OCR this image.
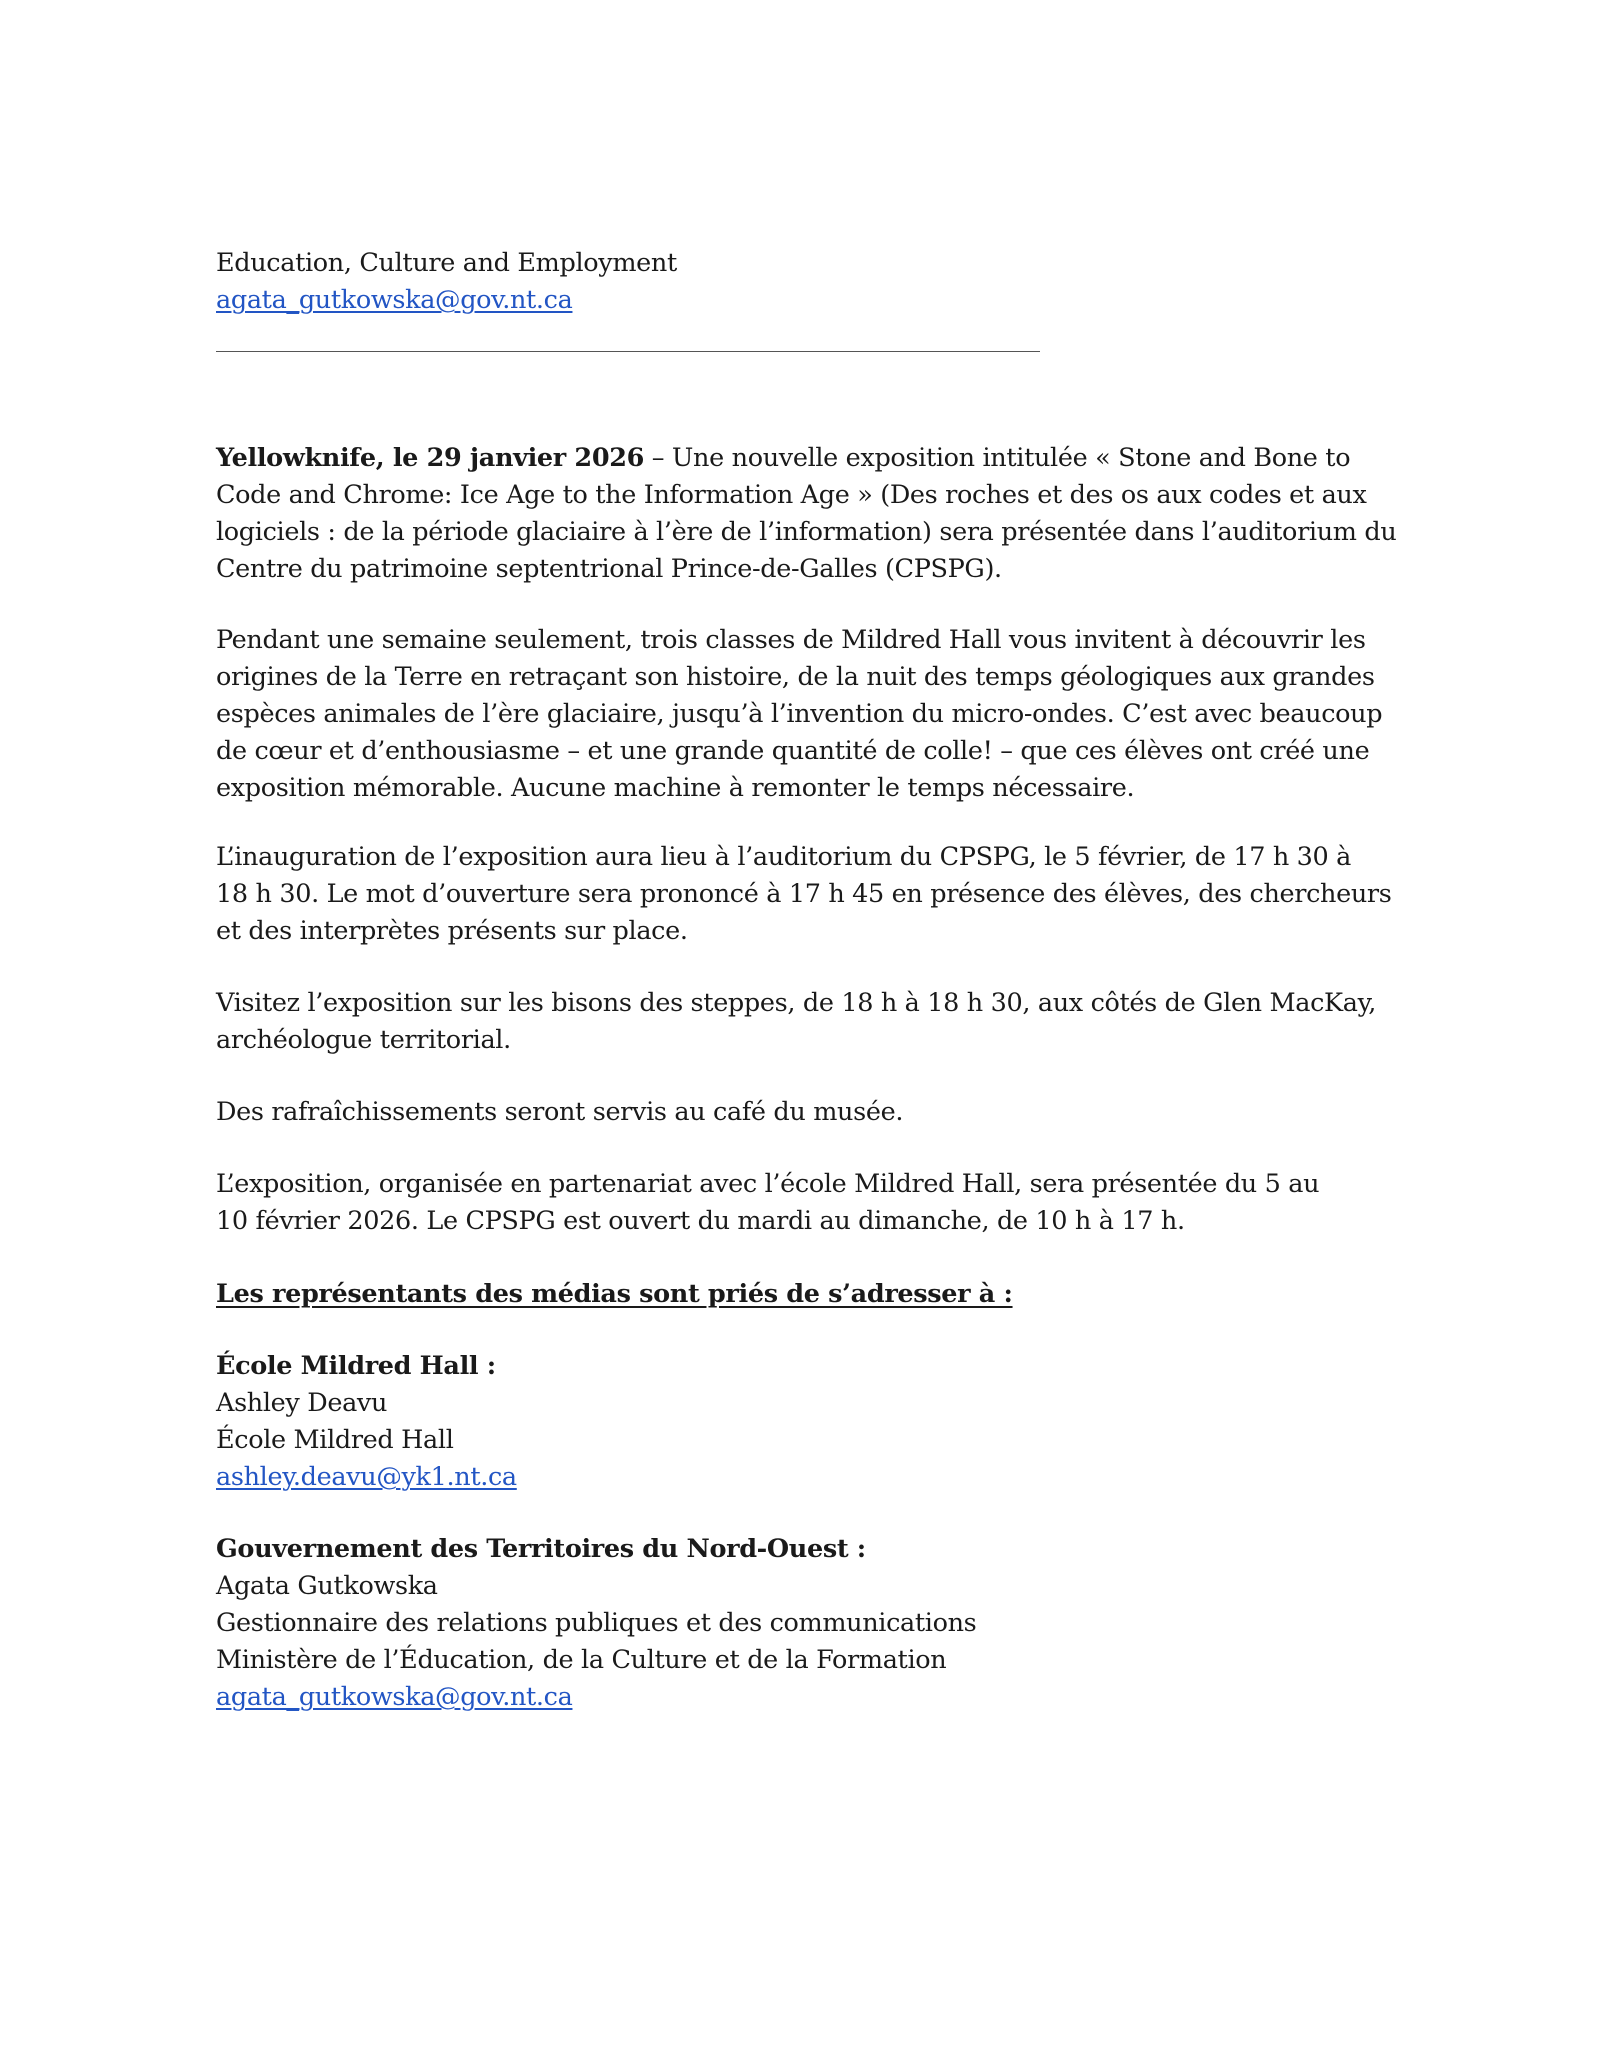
Education, Culture and Employment
agata_gutkowska@gov.nt.ca
Yellowknife, le 29 janvier 2026 – Une nouvelle exposition intitulée « Stone and Bone to
Code and Chrome: Ice Age to the Information Age » (Des roches et des os aux codes et aux
logiciels : de la période glaciaire à l’ère de l’information) sera présentée dans l’auditorium du
Centre du patrimoine septentrional Prince-de-Galles (CPSPG).
Pendant une semaine seulement, trois classes de Mildred Hall vous invitent à découvrir les
origines de la Terre en retraçant son histoire, de la nuit des temps géologiques aux grandes
espèces animales de l’ère glaciaire, jusqu’à l’invention du micro-ondes. C’est avec beaucoup
de cœur et d’enthousiasme – et une grande quantité de colle! – que ces élèves ont créé une
exposition mémorable. Aucune machine à remonter le temps nécessaire.
L’inauguration de l’exposition aura lieu à l’auditorium du CPSPG, le 5 février, de 17 h 30 à
18 h 30. Le mot d’ouverture sera prononcé à 17 h 45 en présence des élèves, des chercheurs
et des interprètes présents sur place.
Visitez l’exposition sur les bisons des steppes, de 18 h à 18 h 30, aux côtés de Glen MacKay,
archéologue territorial.
Des rafraîchissements seront servis au café du musée.
L’exposition, organisée en partenariat avec l’école Mildred Hall, sera présentée du 5 au
10 février 2026. Le CPSPG est ouvert du mardi au dimanche, de 10 h à 17 h.
Les représentants des médias sont priés de s’adresser à :
École Mildred Hall :
Ashley Deavu
École Mildred Hall
ashley.deavu@yk1.nt.ca
Gouvernement des Territoires du Nord-Ouest :
Agata Gutkowska
Gestionnaire des relations publiques et des communications
Ministère de l’Éducation, de la Culture et de la Formation
agata_gutkowska@gov.nt.ca
